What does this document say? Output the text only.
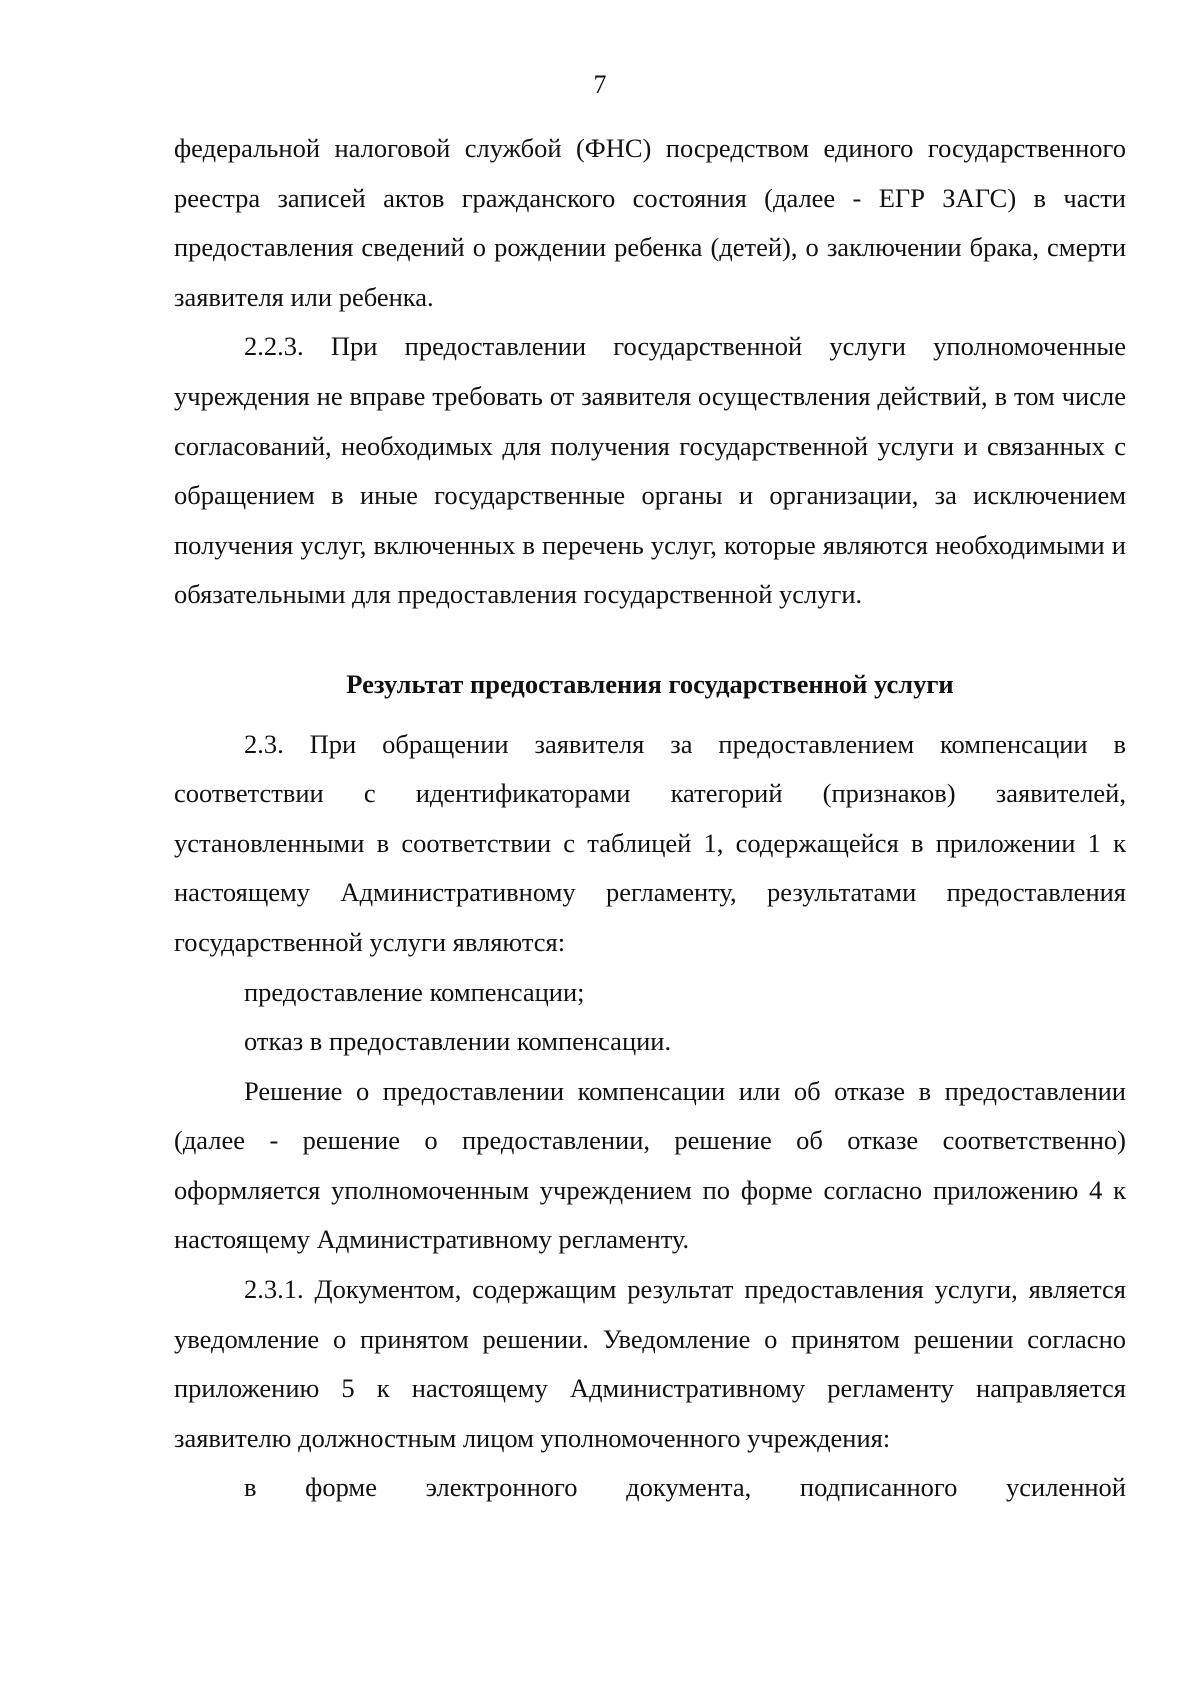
7

федеральной налоговой службой (ФНС) посредством единого государственного реестра записей актов гражданского состояния (далее - ЕГР ЗАГС) в части предоставления сведений о рождении ребенка (детей), о заключении брака, смерти заявителя или ребенка.

2.2.3. При предоставлении государственной услуги уполномоченные учреждения не вправе требовать от заявителя осуществления действий, в том числе согласований, необходимых для получения государственной услуги и связанных с обращением в иные государственные органы и организации, за исключением получения услуг, включенных в перечень услуг, которые являются необходимыми и обязательными для предоставления государственной услуги.

Результат предоставления государственной услуги

2.3. При обращении заявителя за предоставлением компенсации в соответствии с идентификаторами категорий (признаков) заявителей, установленными в соответствии с таблицей 1, содержащейся в приложении 1 к настоящему Административному регламенту, результатами предоставления государственной услуги являются:

предоставление компенсации;

отказ в предоставлении компенсации.

Решение о предоставлении компенсации или об отказе в предоставлении (далее - решение о предоставлении, решение об отказе соответственно) оформляется уполномоченным учреждением по форме согласно приложению 4 к настоящему Административному регламенту.

2.3.1. Документом, содержащим результат предоставления услуги, является уведомление о принятом решении. Уведомление о принятом решении согласно приложению 5 к настоящему Административному регламенту направляется заявителю должностным лицом уполномоченного учреждения:

в форме электронного документа, подписанного усиленной
